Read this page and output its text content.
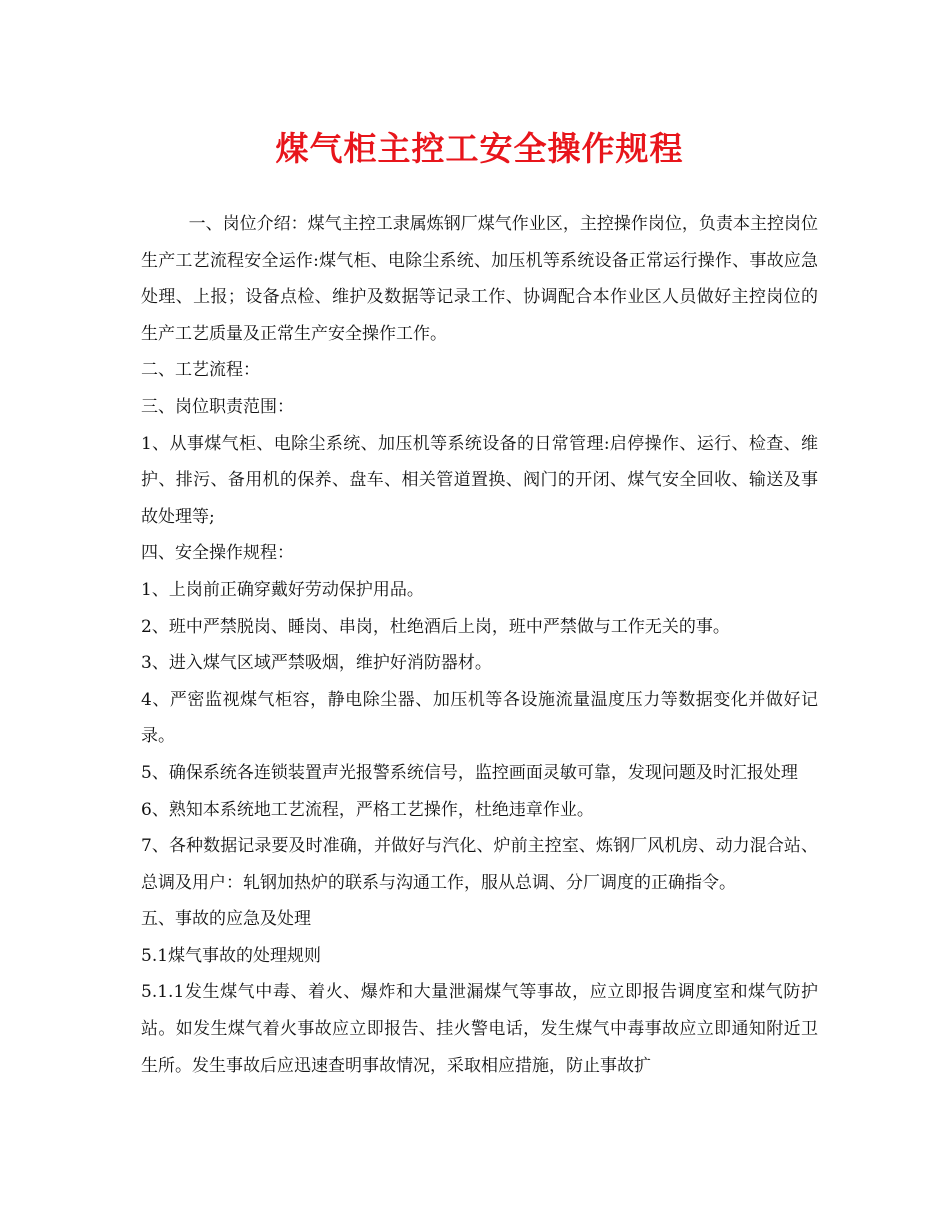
煤气柜主控工安全操作规程

一、岗位介绍：煤气主控工隶属炼钢厂煤气作业区，主控操作岗位，负责本主控岗位生产工艺流程安全运作:煤气柜、电除尘系统、加压机等系统设备正常运行操作、事故应急处理、上报；设备点检、维护及数据等记录工作、协调配合本作业区人员做好主控岗位的生产工艺质量及正常生产安全操作工作。

二、工艺流程：

三、岗位职责范围：

1、从事煤气柜、电除尘系统、加压机等系统设备的日常管理:启停操作、运行、检查、维护、排污、备用机的保养、盘车、相关管道置换、阀门的开闭、煤气安全回收、输送及事故处理等;

四、安全操作规程：

1、上岗前正确穿戴好劳动保护用品。

2、班中严禁脱岗、睡岗、串岗，杜绝酒后上岗，班中严禁做与工作无关的事。

3、进入煤气区域严禁吸烟，维护好消防器材。

4、严密监视煤气柜容，静电除尘器、加压机等各设施流量温度压力等数据变化并做好记录。

5、确保系统各连锁装置声光报警系统信号，监控画面灵敏可靠，发现问题及时汇报处理

6、熟知本系统地工艺流程，严格工艺操作，杜绝违章作业。

7、各种数据记录要及时准确，并做好与汽化、炉前主控室、炼钢厂风机房、动力混合站、总调及用户：轧钢加热炉的联系与沟通工作，服从总调、分厂调度的正确指令。

五、事故的应急及处理

5.1煤气事故的处理规则

5.1.1发生煤气中毒、着火、爆炸和大量泄漏煤气等事故，应立即报告调度室和煤气防护站。如发生煤气着火事故应立即报告、挂火警电话，发生煤气中毒事故应立即通知附近卫生所。发生事故后应迅速查明事故情况，采取相应措施，防止事故扩
